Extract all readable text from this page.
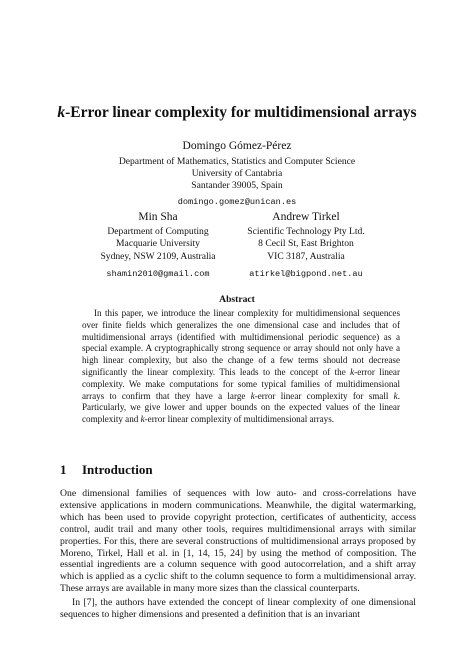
k-Error linear complexity for multidimensional arrays
Domingo Gómez-Pérez
Department of Mathematics, Statistics and Computer Science
University of Cantabria
Santander 39005, Spain
domingo.gomez@unican.es
Min Sha
Department of Computing
Macquarie University
Sydney, NSW 2109, Australia
shamin2010@gmail.com
Andrew Tirkel
Scientific Technology Pty Ltd.
8 Cecil St, East Brighton
VIC 3187, Australia
atirkel@bigpond.net.au
Abstract

In this paper, we introduce the linear complexity for multidimensional sequences over finite fields which generalizes the one dimensional case and includes that of multidimensional arrays (identified with multidimensional periodic sequence) as a special example. A cryptographically strong sequence or array should not only have a high linear complexity, but also the change of a few terms should not decrease significantly the linear complexity. This leads to the concept of the k-error linear complexity. We make computations for some typical families of multidimensional arrays to confirm that they have a large k-error linear complexity for small k. Particularly, we give lower and upper bounds on the expected values of the linear complexity and k-error linear complexity of multidimensional arrays.

1 Introduction

One dimensional families of sequences with low auto- and cross-correlations have extensive applications in modern communications. Meanwhile, the digital watermarking, which has been used to provide copyright protection, certificates of authenticity, access control, audit trail and many other tools, requires multidimensional arrays with similar properties. For this, there are several constructions of multidimensional arrays proposed by Moreno, Tirkel, Hall et al. in [1, 14, 15, 24] by using the method of composition. The essential ingredients are a column sequence with good autocorrelation, and a shift array which is applied as a cyclic shift to the column sequence to form a multidimensional array. These arrays are available in many more sizes than the classical counterparts.

In [7], the authors have extended the concept of linear complexity of one dimensional sequences to higher dimensions and presented a definition that is an invariant
